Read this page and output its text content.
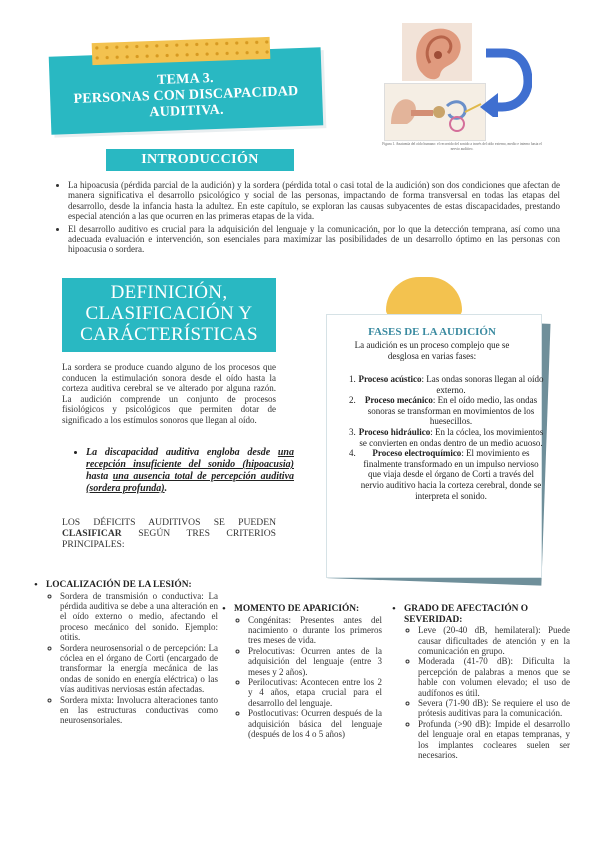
TEMA 3.
PERSONAS CON DISCAPACIDAD
AUDITIVA.
Figura 1. Anatomía del oído humano: el recorrido del sonido a través del oído externo, medio e interno hasta el nervio auditivo.
INTRODUCCIÓN
• La hipoacusia (pérdida parcial de la audición) y la sordera (pérdida total o casi total de la audición) son dos condiciones que afectan de manera significativa el desarrollo psicológico y social de las personas, impactando de forma transversal en todas las etapas del desarrollo, desde la infancia hasta la adultez. En este capítulo, se exploran las causas subyacentes de estas discapacidades, prestando especial atención a las que ocurren en las primeras etapas de la vida.
• El desarrollo auditivo es crucial para la adquisición del lenguaje y la comunicación, por lo que la detección temprana, así como una adecuada evaluación e intervención, son esenciales para maximizar las posibilidades de un desarrollo óptimo en las personas con hipoacusia o sordera.
DEFINICIÓN,
CLASIFICACIÓN Y
CARÁCTERÍSTICAS

La sordera se produce cuando alguno de los procesos que conducen la estimulación sonora desde el oído hasta la corteza auditiva cerebral se ve alterado por alguna razón. La audición comprende un conjunto de procesos fisiológicos y psicológicos que permiten dotar de significado a los estímulos sonoros que llegan al oído.

• La discapacidad auditiva engloba desde una recepción insuficiente del sonido (hipoacusia) hasta una ausencia total de percepción auditiva (sordera profunda).

LOS DÉFICITS AUDITIVOS SE PUEDEN CLASIFICAR SEGÚN TRES CRITERIOS PRINCIPALES:

FASES DE LA AUDICIÓN
La audición es un proceso complejo que se desglosa en varias fases:
1. Proceso acústico: Las ondas sonoras llegan al oído externo.
2. Proceso mecánico: En el oído medio, las ondas sonoras se transforman en movimientos de los huesecillos.
3. Proceso hidráulico: En la cóclea, los movimientos se convierten en ondas dentro de un medio acuoso.
4. Proceso electroquímico: El movimiento es finalmente transformado en un impulso nervioso que viaja desde el órgano de Corti a través del nervio auditivo hacia la corteza cerebral, donde se interpreta el sonido.
• LOCALIZACIÓN DE LA LESIÓN:
◦ Sordera de transmisión o conductiva: La pérdida auditiva se debe a una alteración en el oído externo o medio, afectando el proceso mecánico del sonido. Ejemplo: otitis.
◦ Sordera neurosensorial o de percepción: La cóclea en el órgano de Corti (encargado de transformar la energía mecánica de las ondas de sonido en energía eléctrica) o las vías auditivas nerviosas están afectadas.
◦ Sordera mixta: Involucra alteraciones tanto en las estructuras conductivas como neurosensoriales.
• MOMENTO DE APARICIÓN:
◦ Congénitas: Presentes antes del nacimiento o durante los primeros tres meses de vida.
◦ Prelocutivas: Ocurren antes de la adquisición del lenguaje (entre 3 meses y 2 años).
◦ Perilocutivas: Acontecen entre los 2 y 4 años, etapa crucial para el desarrollo del lenguaje.
◦ Postlocutivas: Ocurren después de la adquisición básica del lenguaje (después de los 4 o 5 años)
• GRADO DE AFECTACIÓN O SEVERIDAD:
◦ Leve (20-40 dB, hemilateral): Puede causar dificultades de atención y en la comunicación en grupo.
◦ Moderada (41-70 dB): Dificulta la percepción de palabras a menos que se hable con volumen elevado; el uso de audífonos es útil.
◦ Severa (71-90 dB): Se requiere el uso de prótesis auditivas para la comunicación.
◦ Profunda (>90 dB): Impide el desarrollo del lenguaje oral en etapas tempranas, y los implantes cocleares suelen ser necesarios.
